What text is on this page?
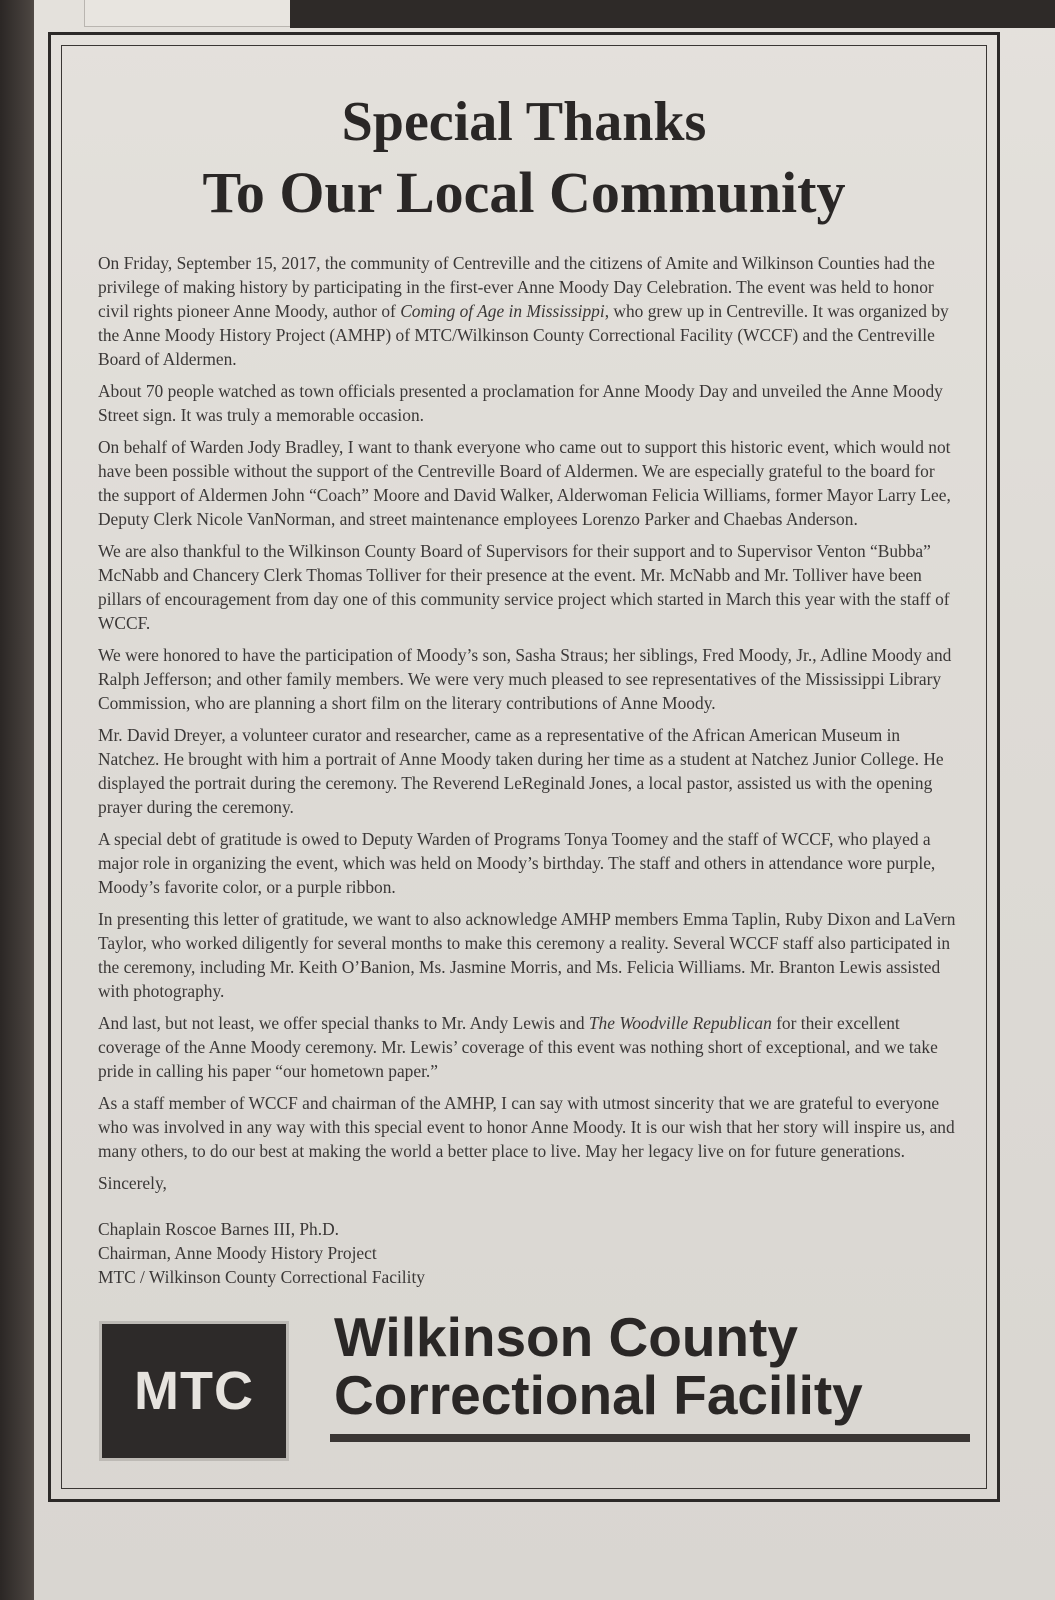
Special Thanks
To Our Local Community

On Friday, September 15, 2017, the community of Centreville and the citizens of Amite and Wilkinson Counties had the privilege of making history by participating in the first-ever Anne Moody Day Celebration. The event was held to honor civil rights pioneer Anne Moody, author of Coming of Age in Mississippi, who grew up in Centreville. It was organized by the Anne Moody History Project (AMHP) of MTC/Wilkinson County Correctional Facility (WCCF) and the Centreville Board of Aldermen.

About 70 people watched as town officials presented a proclamation for Anne Moody Day and unveiled the Anne Moody Street sign. It was truly a memorable occasion.

On behalf of Warden Jody Bradley, I want to thank everyone who came out to support this historic event, which would not have been possible without the support of the Centreville Board of Aldermen. We are especially grateful to the board for the support of Aldermen John “Coach” Moore and David Walker, Alderwoman Felicia Williams, former Mayor Larry Lee, Deputy Clerk Nicole VanNorman, and street maintenance employees Lorenzo Parker and Chaebas Anderson.

We are also thankful to the Wilkinson County Board of Supervisors for their support and to Supervisor Venton “Bubba” McNabb and Chancery Clerk Thomas Tolliver for their presence at the event. Mr. McNabb and Mr. Tolliver have been pillars of encouragement from day one of this community service project which started in March this year with the staff of WCCF.

We were honored to have the participation of Moody’s son, Sasha Straus; her siblings, Fred Moody, Jr., Adline Moody and Ralph Jefferson; and other family members. We were very much pleased to see representatives of the Mississippi Library Commission, who are planning a short film on the literary contributions of Anne Moody.

Mr. David Dreyer, a volunteer curator and researcher, came as a representative of the African American Museum in Natchez. He brought with him a portrait of Anne Moody taken during her time as a student at Natchez Junior College. He displayed the portrait during the ceremony. The Reverend LeReginald Jones, a local pastor, assisted us with the opening prayer during the ceremony.

A special debt of gratitude is owed to Deputy Warden of Programs Tonya Toomey and the staff of WCCF, who played a major role in organizing the event, which was held on Moody’s birthday. The staff and others in attendance wore purple, Moody’s favorite color, or a purple ribbon.

In presenting this letter of gratitude, we want to also acknowledge AMHP members Emma Taplin, Ruby Dixon and LaVern Taylor, who worked diligently for several months to make this ceremony a reality. Several WCCF staff also participated in the ceremony, including Mr. Keith O’Banion, Ms. Jasmine Morris, and Ms. Felicia Williams. Mr. Branton Lewis assisted with photography.

And last, but not least, we offer special thanks to Mr. Andy Lewis and The Woodville Republican for their excellent coverage of the Anne Moody ceremony. Mr. Lewis’ coverage of this event was nothing short of exceptional, and we take pride in calling his paper “our hometown paper.”

As a staff member of WCCF and chairman of the AMHP, I can say with utmost sincerity that we are grateful to everyone who was involved in any way with this special event to honor Anne Moody. It is our wish that her story will inspire us, and many others, to do our best at making the world a better place to live. May her legacy live on for future generations.

Sincerely,

Chaplain Roscoe Barnes III, Ph.D.
Chairman, Anne Moody History Project
MTC / Wilkinson County Correctional Facility
MTC
Wilkinson County
Correctional Facility
